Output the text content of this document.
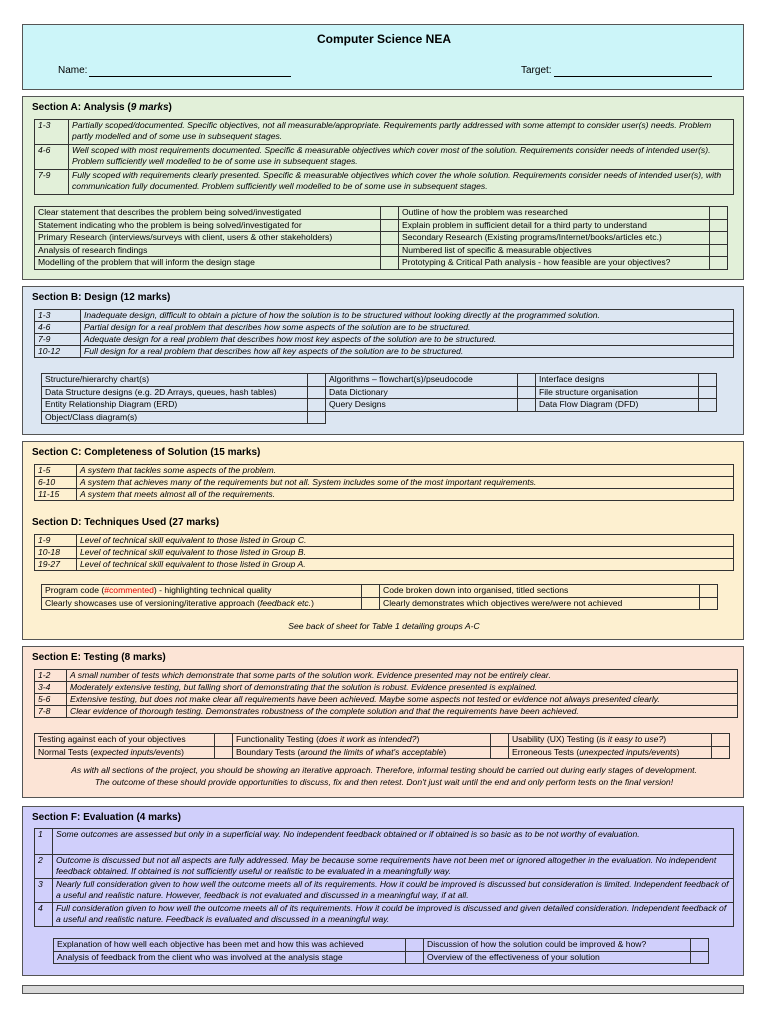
Computer Science NEA
Name:	Target:
Section A: Analysis (9 marks)
1-3	Partially scoped/documented. Specific objectives, not all measurable/appropriate. Requirements partly addressed with some attempt to consider user(s) needs. Problem partly modelled and of some use in subsequent stages.
4-6	Well scoped with most requirements documented. Specific & measurable objectives which cover most of the solution. Requirements consider needs of intended user(s). Problem sufficiently well modelled to be of some use in subsequent stages.
7-9	Fully scoped with requirements clearly presented. Specific & measurable objectives which cover the whole solution. Requirements consider needs of intended user(s), with communication fully documented. Problem sufficiently well modelled to be of some use in subsequent stages.
Clear statement that describes the problem being solved/investigated		Outline of how the problem was researched	
Statement indicating who the problem is being solved/investigated for		Explain problem in sufficient detail for a third party to understand	
Primary Research (interviews/surveys with client, users & other stakeholders)		Secondary Research (Existing programs/Internet/books/articles etc.)	
Analysis of research findings		Numbered list of specific & measurable objectives	
Modelling of the problem that will inform the design stage		Prototyping & Critical Path analysis - how feasible are your objectives?	
Section B: Design (12 marks)
1-3	Inadequate design, difficult to obtain a picture of how the solution is to be structured without looking directly at the programmed solution.
4-6	Partial design for a real problem that describes how some aspects of the solution are to be structured.
7-9	Adequate design for a real problem that describes how most key aspects of the solution are to be structured.
10-12	Full design for a real problem that describes how all key aspects of the solution are to be structured.
Structure/hierarchy chart(s)		Algorithms – flowchart(s)/pseudocode		Interface designs	
Data Structure designs (e.g. 2D Arrays, queues, hash tables)		Data Dictionary		File structure organisation	
Entity Relationship Diagram (ERD)		Query Designs		Data Flow Diagram (DFD)	
Object/Class diagram(s)					
Section C: Completeness of Solution (15 marks)
1-5	A system that tackles some aspects of the problem.
6-10	A system that achieves many of the requirements but not all. System includes some of the most important requirements.
11-15	A system that meets almost all of the requirements.
Section D: Techniques Used (27 marks)
1-9	Level of technical skill equivalent to those listed in Group C.
10-18	Level of technical skill equivalent to those listed in Group B.
19-27	Level of technical skill equivalent to those listed in Group A.
Program code (#commented) - highlighting technical quality		Code broken down into organised, titled sections	
Clearly showcases use of versioning/iterative approach (feedback etc.)		Clearly demonstrates which objectives were/were not achieved	
See back of sheet for Table 1 detailing groups A-C
Section E: Testing (8 marks)
1-2	A small number of tests which demonstrate that some parts of the solution work. Evidence presented may not be entirely clear.
3-4	Moderately extensive testing, but falling short of demonstrating that the solution is robust. Evidence presented is explained.
5-6	Extensive testing, but does not make clear all requirements have been achieved. Maybe some aspects not tested or evidence not always presented clearly.
7-8	Clear evidence of thorough testing. Demonstrates robustness of the complete solution and that the requirements have been achieved.
Testing against each of your objectives		Functionality Testing (does it work as intended?)		Usability (UX) Testing (is it easy to use?)	
Normal Tests (expected inputs/events)		Boundary Tests (around the limits of what's acceptable)		Erroneous Tests (unexpected inputs/events)	
As with all sections of the project, you should be showing an iterative approach. Therefore, informal testing should be carried out during early stages of development.
The outcome of these should provide opportunities to discuss, fix and then retest. Don't just wait until the end and only perform tests on the final version!
Section F: Evaluation (4 marks)
1	Some outcomes are assessed but only in a superficial way. No independent feedback obtained or if obtained is so basic as to be not worthy of evaluation.
2	Outcome is discussed but not all aspects are fully addressed. May be because some requirements have not been met or ignored altogether in the evaluation. No independent feedback obtained. If obtained is not sufficiently useful or realistic to be evaluated in a meaningfully way.
3	Nearly full consideration given to how well the outcome meets all of its requirements. How it could be improved is discussed but consideration is limited. Independent feedback of a useful and realistic nature. However, feedback is not evaluated and discussed in a meaningful way, if at all.
4	Full consideration given to how well the outcome meets all of its requirements. How it could be improved is discussed and given detailed consideration. Independent feedback of a useful and realistic nature. Feedback is evaluated and discussed in a meaningful way.
Explanation of how well each objective has been met and how this was achieved		Discussion of how the solution could be improved & how?	
Analysis of feedback from the client who was involved at the analysis stage		Overview of the effectiveness of your solution	
